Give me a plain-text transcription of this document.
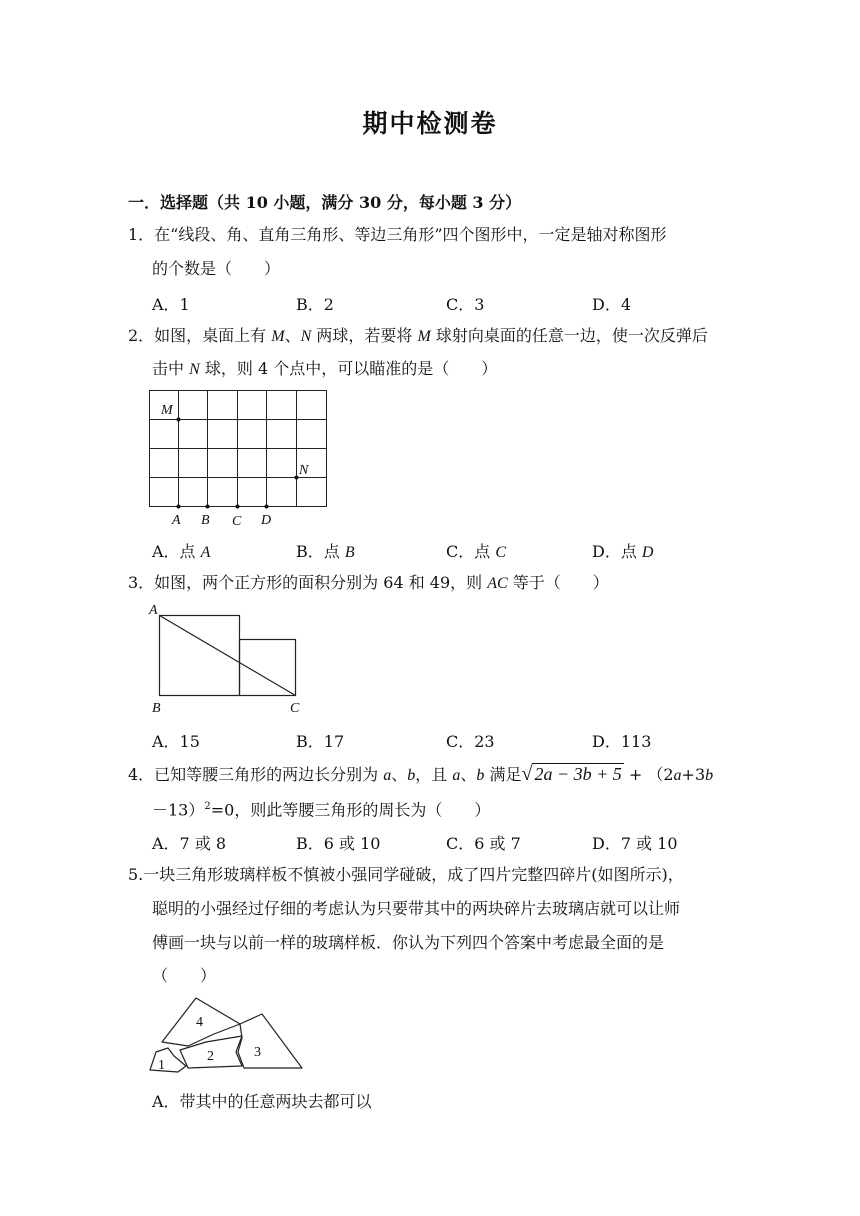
期中检测卷
一．选择题（共 10 小题，满分 30 分，每小题 3 分）
1．在“线段、角、直角三角形、等边三角形”四个图形中，一定是轴对称图形
的个数是（　　）
A．1	B．2	C．3	D．4
2．如图，桌面上有 M、N 两球，若要将 M 球射向桌面的任意一边，使一次反弹后
击中 N 球，则 4 个点中，可以瞄准的是（　　）
M
N
A B C D
A．点 A	B．点 B	C．点 C	D．点 D
3．如图，两个正方形的面积分别为 64 和 49，则 AC 等于（　　）
A
B	C
A．15	B．17	C．23	D．113
4．已知等腰三角形的两边长分别为 a、b，且 a、b 满足√ 2a − 3b + 5 + （2a+3b
－13）$^2$=0，则此等腰三角形的周长为（　　）
A．7 或 8	B．6 或 10	C．6 或 7	D．7 或 10
5.一块三角形玻璃样板不慎被小强同学碰破，成了四片完整四碎片(如图所示)，
聪明的小强经过仔细的考虑认为只要带其中的两块碎片去玻璃店就可以让师
傅画一块与以前一样的玻璃样板．你认为下列四个答案中考虑最全面的是
（　　）
4
2	3
1
A．带其中的任意两块去都可以
